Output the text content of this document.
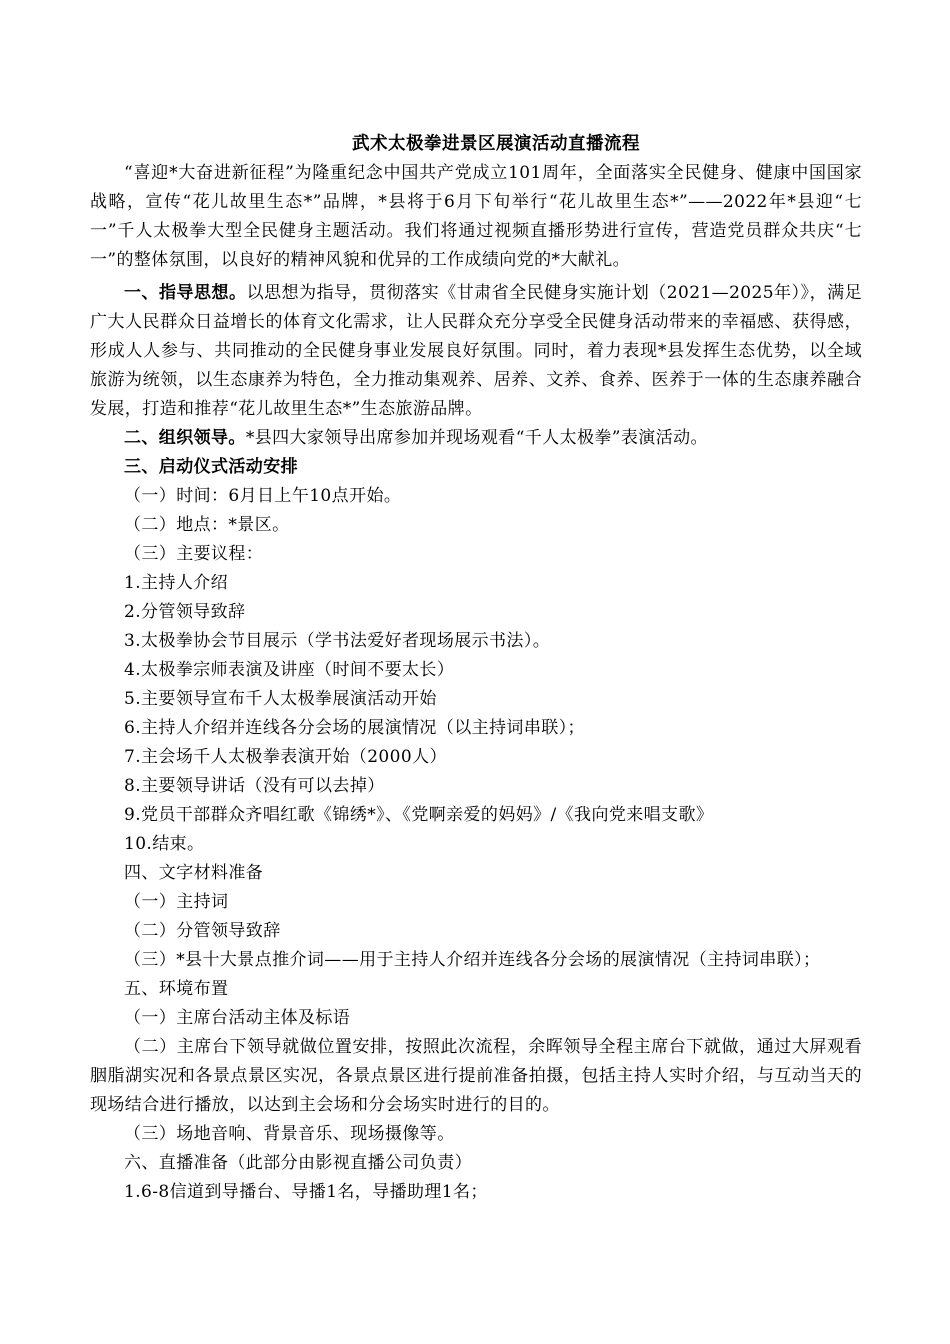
武术太极拳进景区展演活动直播流程

“喜迎*大奋进新征程”为隆重纪念中国共产党成立101周年，全面落实全民健身、健康中国国家战略，宣传“花儿故里生态*”品牌，*县将于6月下旬举行“花儿故里生态*”——2022年*县迎“七一”千人太极拳大型全民健身主题活动。我们将通过视频直播形势进行宣传，营造党员群众共庆“七一”的整体氛围，以良好的精神风貌和优异的工作成绩向党的*大献礼。

一、指导思想。以思想为指导，贯彻落实《甘肃省全民健身实施计划（2021—2025年）》，满足广大人民群众日益增长的体育文化需求，让人民群众充分享受全民健身活动带来的幸福感、获得感，形成人人参与、共同推动的全民健身事业发展良好氛围。同时，着力表现*县发挥生态优势，以全域旅游为统领，以生态康养为特色，全力推动集观养、居养、文养、食养、医养于一体的生态康养融合发展，打造和推荐“花儿故里生态*”生态旅游品牌。

二、组织领导。*县四大家领导出席参加并现场观看“千人太极拳”表演活动。

三、启动仪式活动安排

（一）时间：6月日上午10点开始。

（二）地点：*景区。

（三）主要议程：

1.主持人介绍

2.分管领导致辞

3.太极拳协会节目展示（学书法爱好者现场展示书法）。

4.太极拳宗师表演及讲座（时间不要太长）

5.主要领导宣布千人太极拳展演活动开始

6.主持人介绍并连线各分会场的展演情况（以主持词串联）；

7.主会场千人太极拳表演开始（2000人）

8.主要领导讲话（没有可以去掉）

9.党员干部群众齐唱红歌《锦绣*》、《党啊亲爱的妈妈》/《我向党来唱支歌》

10.结束。

四、文字材料准备

（一）主持词

（二）分管领导致辞

（三）*县十大景点推介词——用于主持人介绍并连线各分会场的展演情况（主持词串联）；

五、环境布置

（一）主席台活动主体及标语

（二）主席台下领导就做位置安排，按照此次流程，余晖领导全程主席台下就做，通过大屏观看胭脂湖实况和各景点景区实况，各景点景区进行提前准备拍摄，包括主持人实时介绍，与互动当天的现场结合进行播放，以达到主会场和分会场实时进行的目的。

（三）场地音响、背景音乐、现场摄像等。

六、直播准备（此部分由影视直播公司负责）

1.6-8信道到导播台、导播1名，导播助理1名；
